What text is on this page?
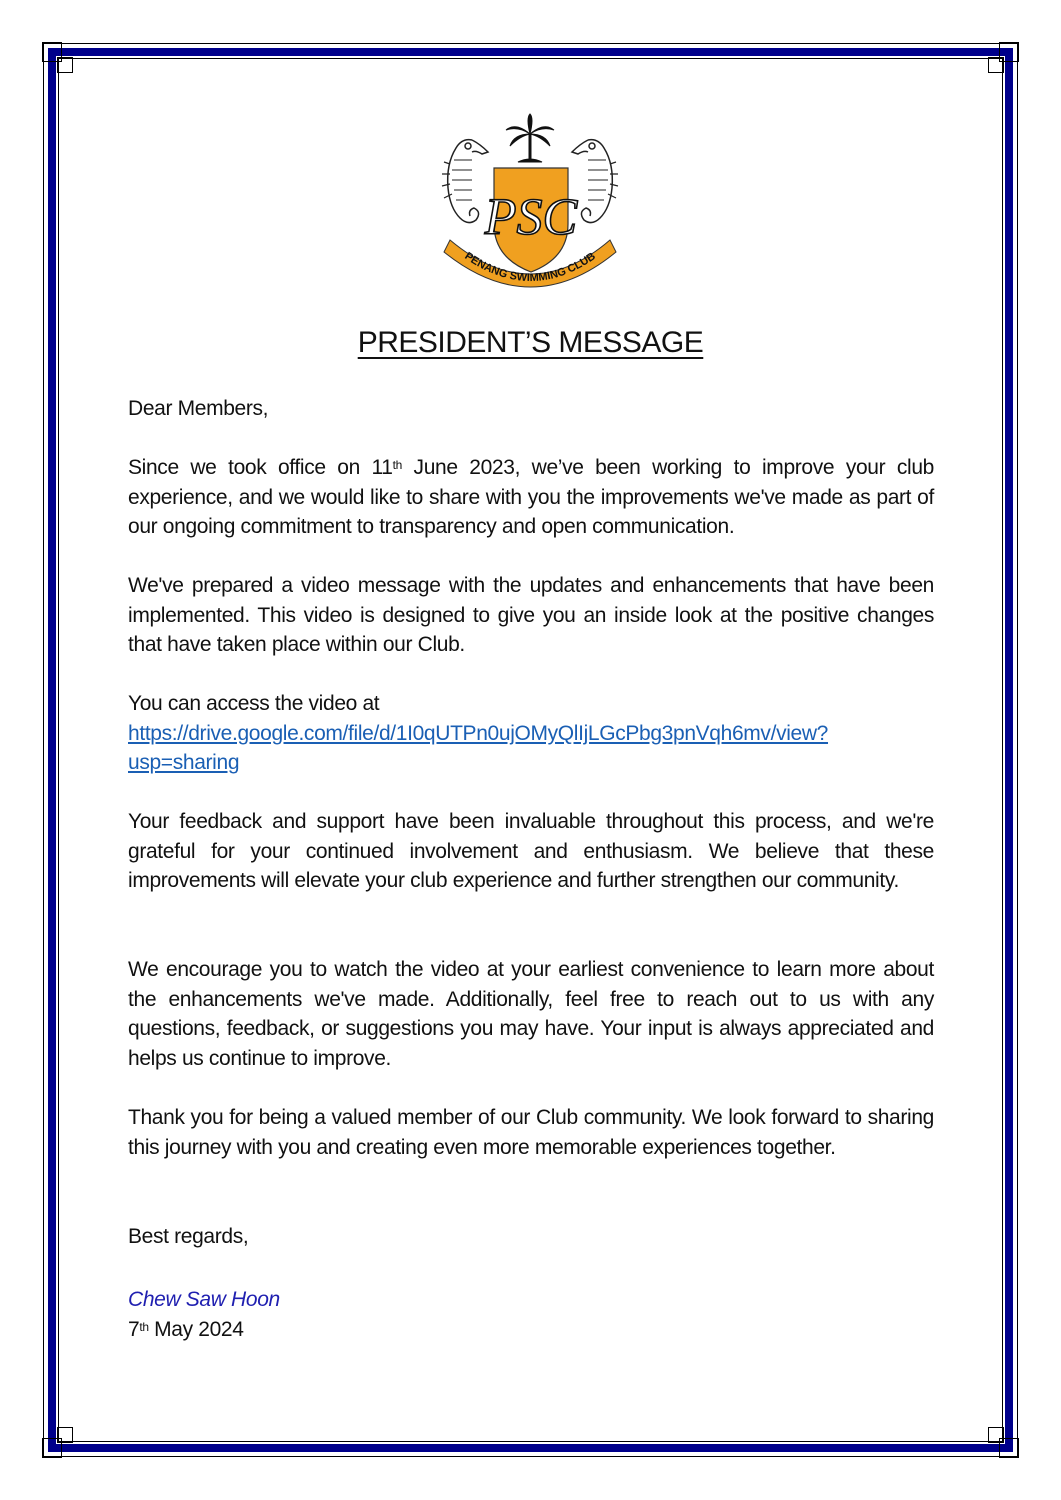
PSC
PENANG SWIMMING CLUB
PRESIDENT’S MESSAGE
Dear Members,

Since we took office on 11th June 2023, we’ve been working to improve your club experience, and we would like to share with you the improvements we've made as part of our ongoing commitment to transparency and open communication.

We've prepared a video message with the updates and enhancements that have been implemented. This video is designed to give you an inside look at the positive changes that have taken place within our Club.

You can access the video at

https://drive.google.com/file/d/1I0qUTPn0ujOMyQlIjLGcPbg3pnVqh6mv/view?

usp=sharing

Your feedback and support have been invaluable throughout this process, and we're grateful for your continued involvement and enthusiasm. We believe that these improvements will elevate your club experience and further strengthen our community.
We encourage you to watch the video at your earliest convenience to learn more about the enhancements we've made. Additionally, feel free to reach out to us with any questions, feedback, or suggestions you may have. Your input is always appreciated and helps us continue to improve.
Thank you for being a valued member of our Club community. We look forward to sharing this journey with you and creating even more memorable experiences together.
Best regards,
Chew Saw Hoon
7th May 2024
